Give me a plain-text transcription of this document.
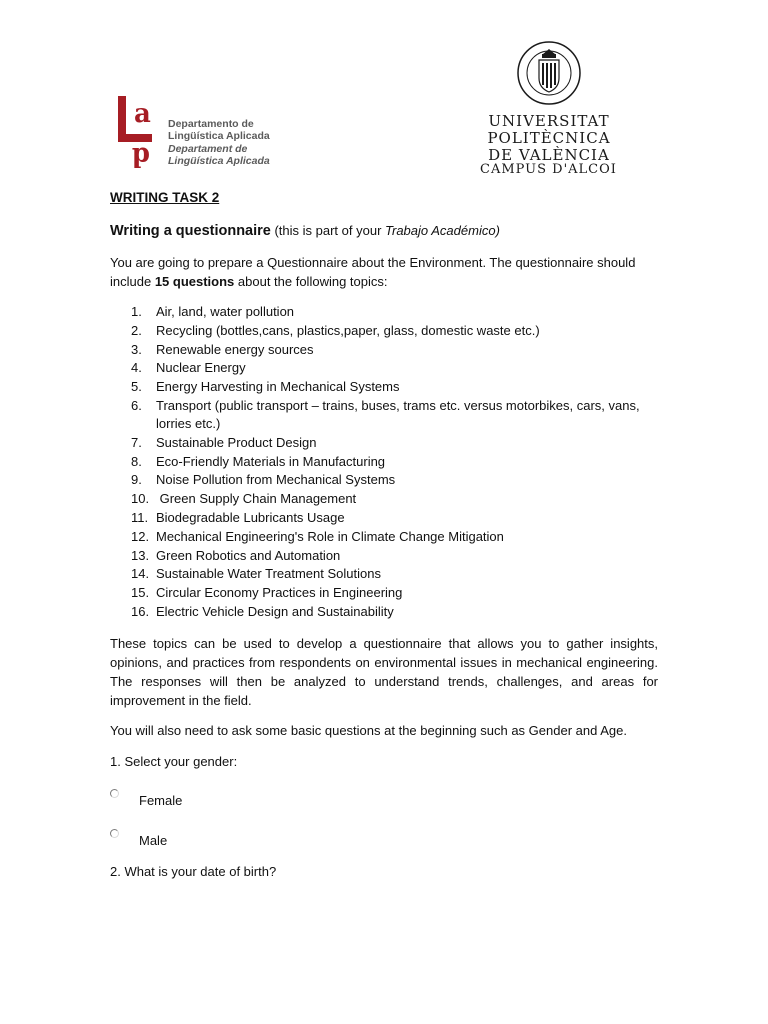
a
d
Departamento de
Lingüística Aplicada
Departament de
Lingüística Aplicada
UNIVERSITAT
POLITÈCNICA
DE VALÈNCIA
CAMPUS D'ALCOI
WRITING TASK 2
Writing a questionnaire (this is part of your Trabajo Académico)
You are going to prepare a Questionnaire about the Environment. The questionnaire should include 15 questions about the following topics:
1. Air, land, water pollution
2. Recycling (bottles,cans, plastics,paper, glass, domestic waste etc.)
3. Renewable energy sources
4. Nuclear Energy
5. Energy Harvesting in Mechanical Systems
6. Transport (public transport – trains, buses, trams etc. versus motorbikes, cars, vans, lorries etc.)
7. Sustainable Product Design
8. Eco-Friendly Materials in Manufacturing
9. Noise Pollution from Mechanical Systems
10. Green Supply Chain Management
11. Biodegradable Lubricants Usage
12. Mechanical Engineering's Role in Climate Change Mitigation
13. Green Robotics and Automation
14. Sustainable Water Treatment Solutions
15. Circular Economy Practices in Engineering
16. Electric Vehicle Design and Sustainability
These topics can be used to develop a questionnaire that allows you to gather insights, opinions, and practices from respondents on environmental issues in mechanical engineering. The responses will then be analyzed to understand trends, challenges, and areas for improvement in the field.
You will also need to ask some basic questions at the beginning such as Gender and Age.
1. Select your gender:
Female
Male
2. What is your date of birth?
